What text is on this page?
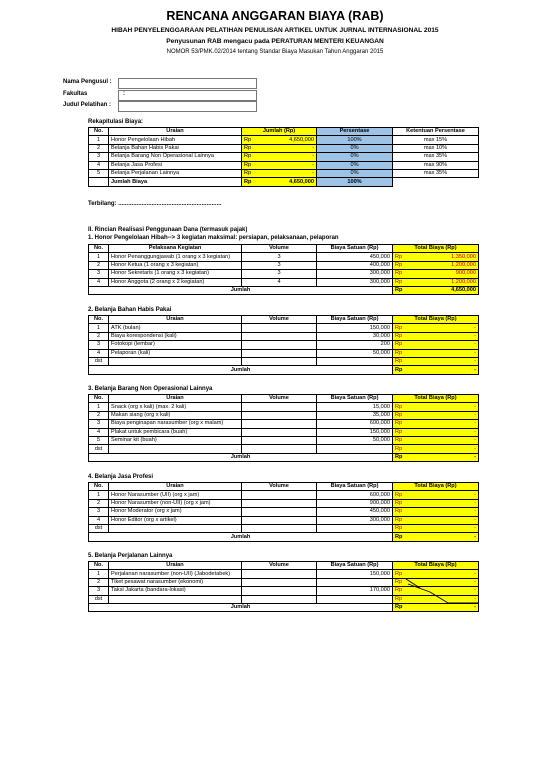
RENCANA ANGGARAN BIAYA (RAB)
HIBAH PENYELENGGARAAN PELATIHAN PENULISAN ARTIKEL UNTUK JURNAL INTERNASIONAL 2015
Penyusunan RAB mengacu pada PERATURAN MENTERI KEUANGAN
NOMOR 53/PMK.02/2014 tentang Standar Biaya Masukan Tahun Anggaran 2015
Nama Pengusul :
Fakultas	:
Judul Pelatihan :
Rekapitulasi Biaya:
No.	Uraian	Jumlah (Rp)	Persentase	Ketentuan Persentase
1	Honor Pengelolaan Hibah	Rp 4,650,000	100%	max 15%
2	Belanja Bahan Habis Pakai	Rp -	0%	max 10%
3	Belanja Barang Non Operasional Lainnya	Rp -	0%	max 35%
4	Belanja Jasa Profesi	Rp -	0%	max 90%
5	Belanja Perjalanan Lainnya	Rp -	0%	max 35%
	Jumlah Biaya	Rp 4,650,000	100%	
Terbilang: ..............................................................
II. Rincian Realisasi Penggunaan Dana (termasuk pajak)
1. Honor Pengelolaan Hibah--> 3 kegiatan maksimal: persiapan, pelaksanaan, pelaporan
No.	Pelaksana Kegiatan	Volume	Biaya Satuan (Rp)	Total Biaya (Rp)
1	Honor Penanggungjawab (1 orang x 3 kegiatan)	3	450,000	Rp 1,350,000

2	Honor Ketua (1 orang x 3 kegiatan)	3	400,000	Rp 1,200,000

3	Honor Sekretaris (1 orang x 3 kegiatan)	3	300,000	Rp 900,000

4	Honor Anggota (2 orang x 2 kegiatan)	4	300,000	Rp 1,200,000

Jumlah				Rp 4,650,000
2. Belanja Bahan Habis Pakai
No.	Uraian	Volume	Biaya Satuan (Rp)	Total Biaya (Rp)
1	ATK (bulan)		150,000	Rp -

2	Biaya korespondensi (kali)		30,000	Rp -

3	Fotokopi (lembar)		200	Rp -

4	Pelaporan (kali)		50,000	Rp -

dst				Rp -

Jumlah				Rp -
3. Belanja Barang Non Operasional Lainnya
No.	Uraian	Volume	Biaya Satuan (Rp)	Total Biaya (Rp)
1	Snack (org x kali) (max. 2 kali)		15,000	Rp -

2	Makan siang (org x kali)		35,000	Rp -

3	Biaya penginapan narasumber (org x malam)		600,000	Rp -

4	Plakat untuk pembicara (buah)		150,000	Rp -

5	Seminar kit (buah)		50,000	Rp -

dst				Rp -

Jumlah				Rp -
4. Belanja Jasa Profesi
No.	Uraian	Volume	Biaya Satuan (Rp)	Total Biaya (Rp)
1	Honor Narasumber (UII) (org x jam)		600,000	Rp -

2	Honor Narasumber (non-UII) (org x jam)		900,000	Rp -

3	Honor Moderator (org x jam)		450,000	Rp -

4	Honor Editor (org x artikel)		300,000	Rp -

dst				Rp -

Jumlah				Rp -
5. Belanja Perjalanan Lainnya
No.	Uraian	Volume	Biaya Satuan (Rp)	Total Biaya (Rp)
1	Perjalanan narasumber (non-UII) (Jabodetabek)		150,000	Rp -

2	Tiket pesawat narasumber (ekonomi)			Rp -

3	Taksi Jakarta (bandara-lokasi)		170,000	Rp -

dst				Rp -

Jumlah				Rp -
